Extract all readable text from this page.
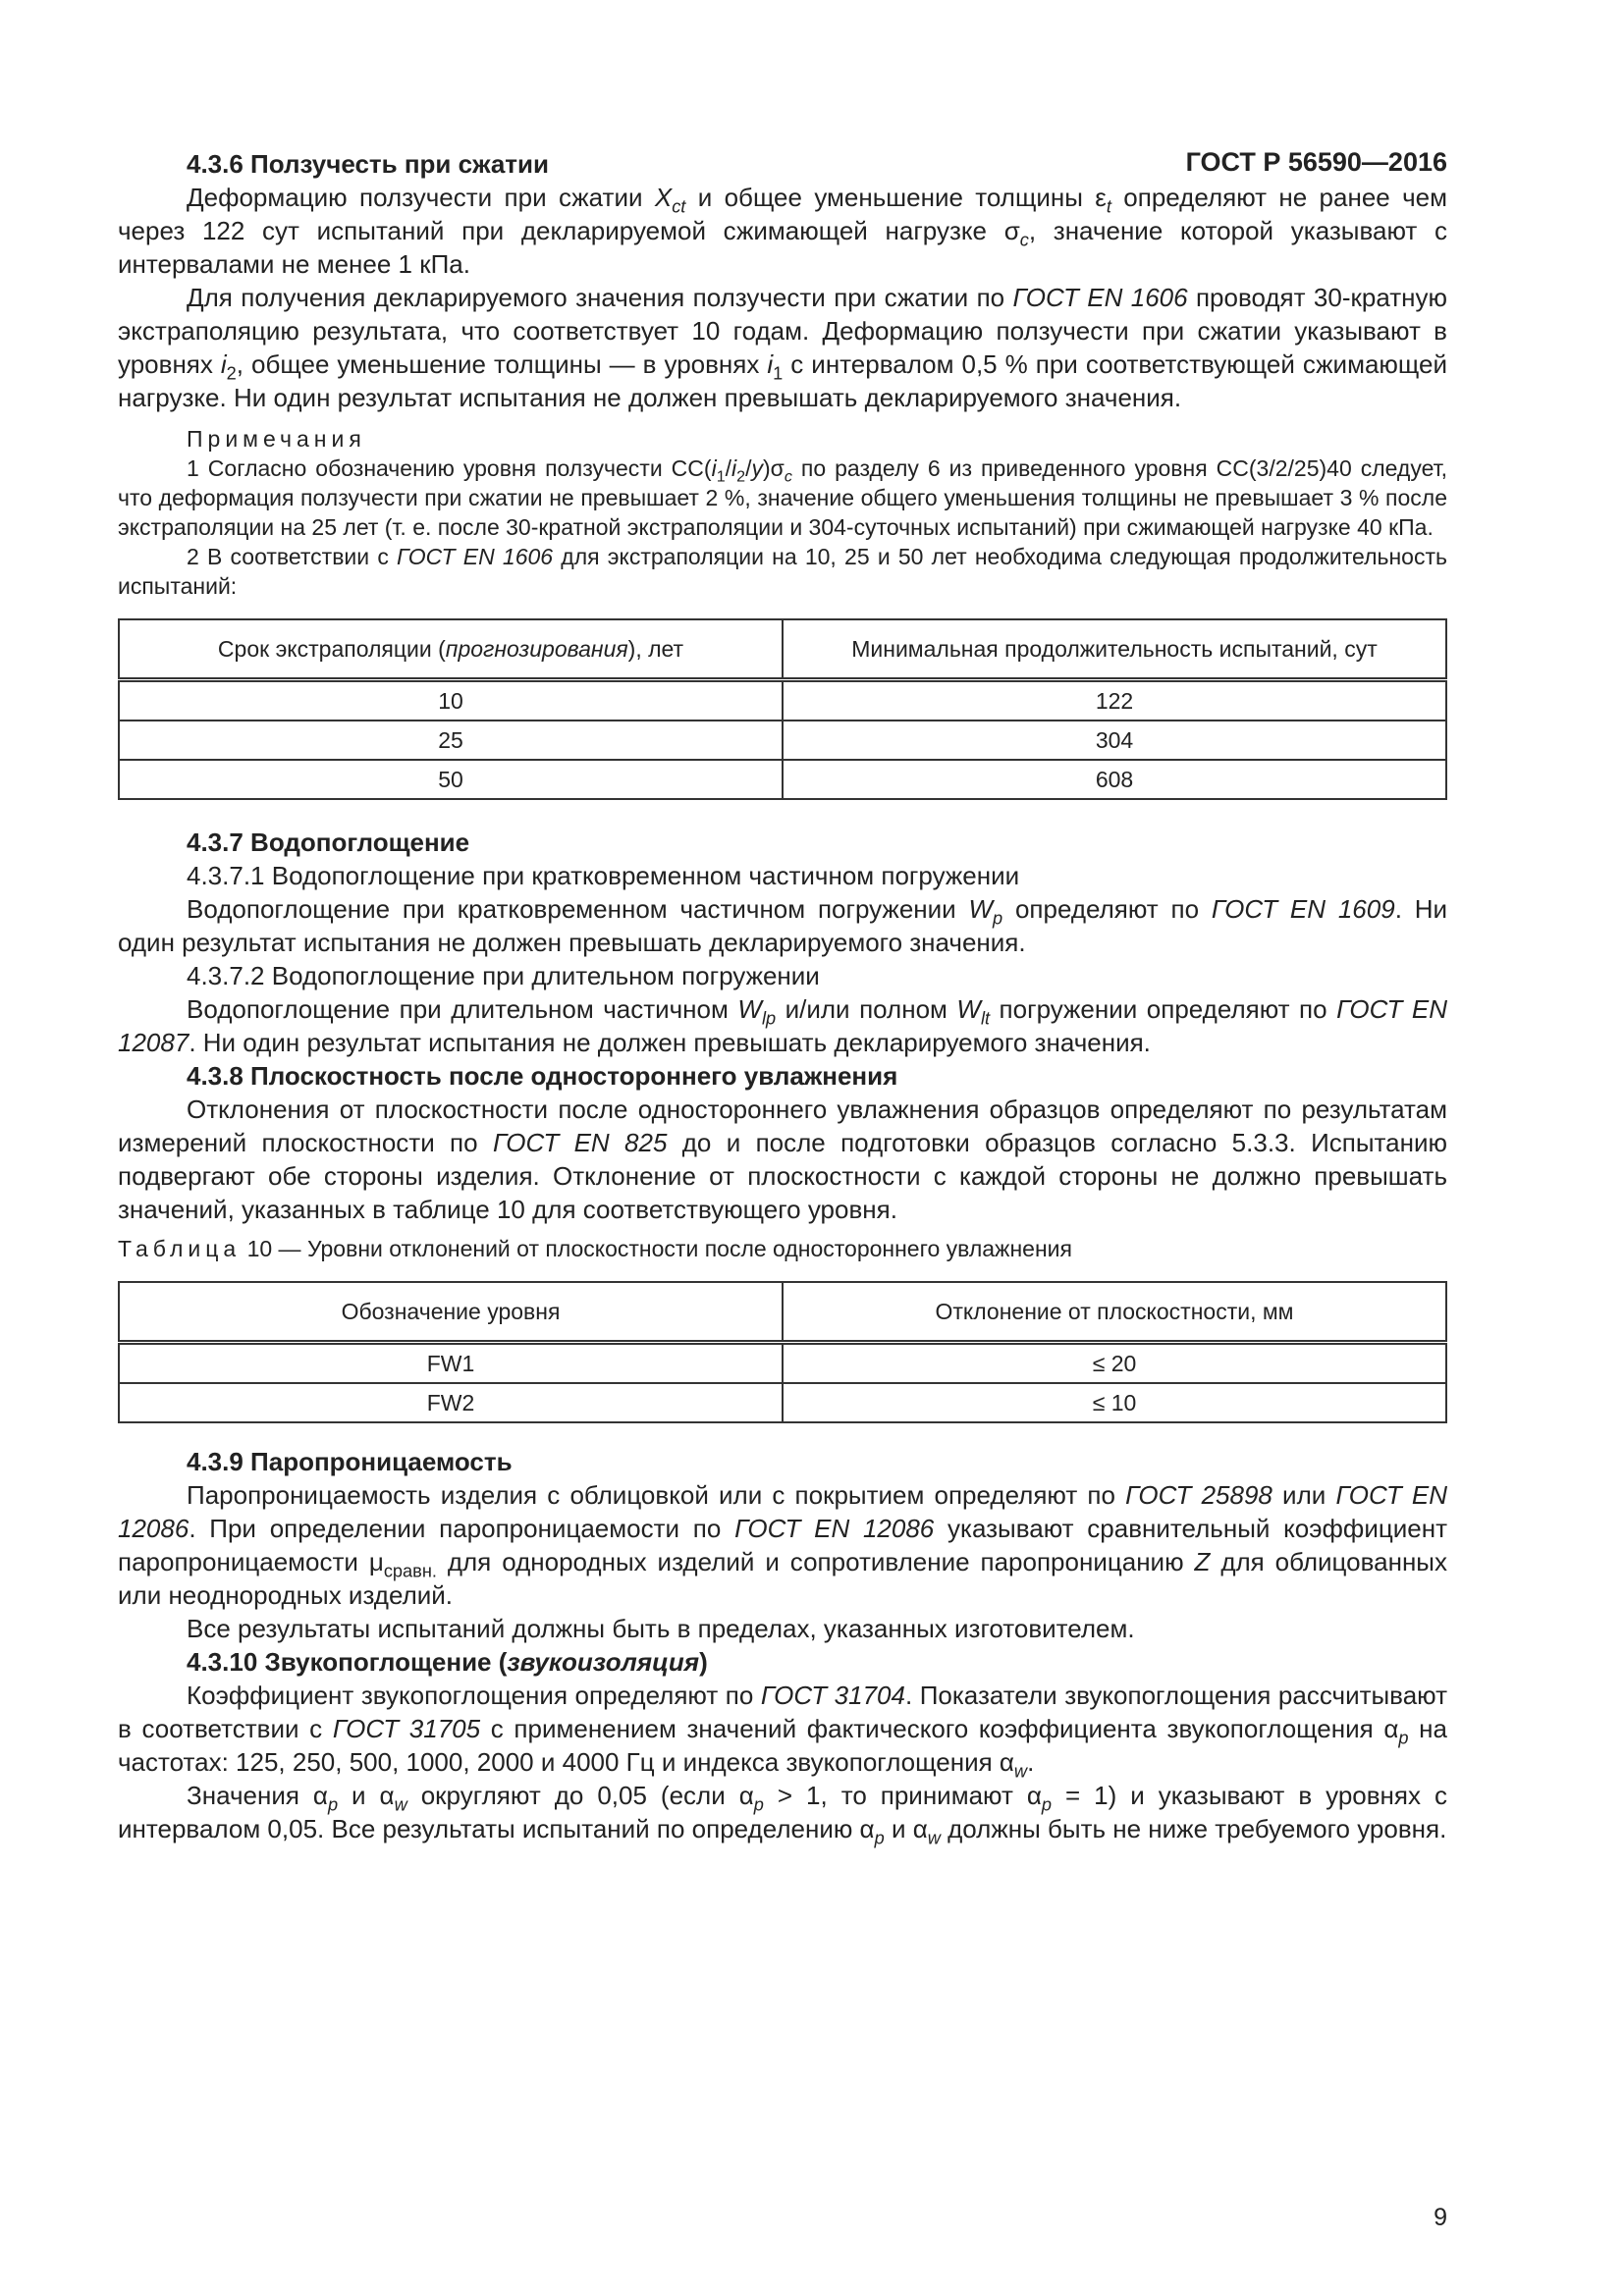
ГОСТ Р 56590—2016

4.3.6 Ползучесть при сжатии

Деформацию ползучести при сжатии $X_{ct}$ и общее уменьшение толщины $\varepsilon_t$ определяют не ранее чем через 122 сут испытаний при декларируемой сжимающей нагрузке $\sigma_c$, значение которой указывают с интервалами не менее 1 кПа.

Для получения декларируемого значения ползучести при сжатии по ГОСТ EN 1606 проводят 30-кратную экстраполяцию результата, что соответствует 10 годам. Деформацию ползучести при сжатии указывают в уровнях $i_2$, общее уменьшение толщины — в уровнях $i_1$ с интервалом 0,5 % при соответствующей сжимающей нагрузке. Ни один результат испытания не должен превышать декларируемого значения.

Примечания

1 Согласно обозначению уровня ползучести $CC(i_1/i_2/y)\sigma_c$ по разделу 6 из приведенного уровня CC(3/2/25)40 следует, что деформация ползучести при сжатии не превышает 2 %, значение общего уменьшения толщины не превышает 3 % после экстраполяции на 25 лет (т. е. после 30-кратной экстраполяции и 304-суточных испытаний) при сжимающей нагрузке 40 кПа.

2 В соответствии с ГОСТ EN 1606 для экстраполяции на 10, 25 и 50 лет необходима следующая продолжительность испытаний:

Срок экстраполяции (прогнозирования), лет	Минимальная продолжительность испытаний, сут
10	122
25	304
50	608

4.3.7 Водопоглощение

4.3.7.1 Водопоглощение при кратковременном частичном погружении

Водопоглощение при кратковременном частичном погружении $W_p$ определяют по ГОСТ EN 1609. Ни один результат испытания не должен превышать декларируемого значения.

4.3.7.2 Водопоглощение при длительном погружении

Водопоглощение при длительном частичном $W_{lp}$ и/или полном $W_{lt}$ погружении определяют по ГОСТ EN 12087. Ни один результат испытания не должен превышать декларируемого значения.

4.3.8 Плоскостность после одностороннего увлажнения

Отклонения от плоскостности после одностороннего увлажнения образцов определяют по результатам измерений плоскостности по ГОСТ EN 825 до и после подготовки образцов согласно 5.3.3. Испытанию подвергают обе стороны изделия. Отклонение от плоскостности с каждой стороны не должно превышать значений, указанных в таблице 10 для соответствующего уровня.

Таблица 10 — Уровни отклонений от плоскостности после одностороннего увлажнения

Обозначение уровня	Отклонение от плоскостности, мм
FW1	≤ 20
FW2	≤ 10

4.3.9 Паропроницаемость

Паропроницаемость изделия с облицовкой или с покрытием определяют по ГОСТ 25898 или ГОСТ EN 12086. При определении паропроницаемости по ГОСТ EN 12086 указывают сравнительный коэффициент паропроницаемости $\mu_{сравн.}$ для однородных изделий и сопротивление паропроницанию Z для облицованных или неоднородных изделий.

Все результаты испытаний должны быть в пределах, указанных изготовителем.

4.3.10 Звукопоглощение (звукоизоляция)

Коэффициент звукопоглощения определяют по ГОСТ 31704. Показатели звукопоглощения рассчитывают в соответствии с ГОСТ 31705 с применением значений фактического коэффициента звукопоглощения $\alpha_p$ на частотах: 125, 250, 500, 1000, 2000 и 4000 Гц и индекса звукопоглощения $\alpha_w$.

Значения $\alpha_p$ и $\alpha_w$ округляют до 0,05 (если $\alpha_p > 1$, то принимают $\alpha_p = 1$) и указывают в уровнях с интервалом 0,05. Все результаты испытаний по определению $\alpha_p$ и $\alpha_w$ должны быть не ниже требуемого уровня.

9
